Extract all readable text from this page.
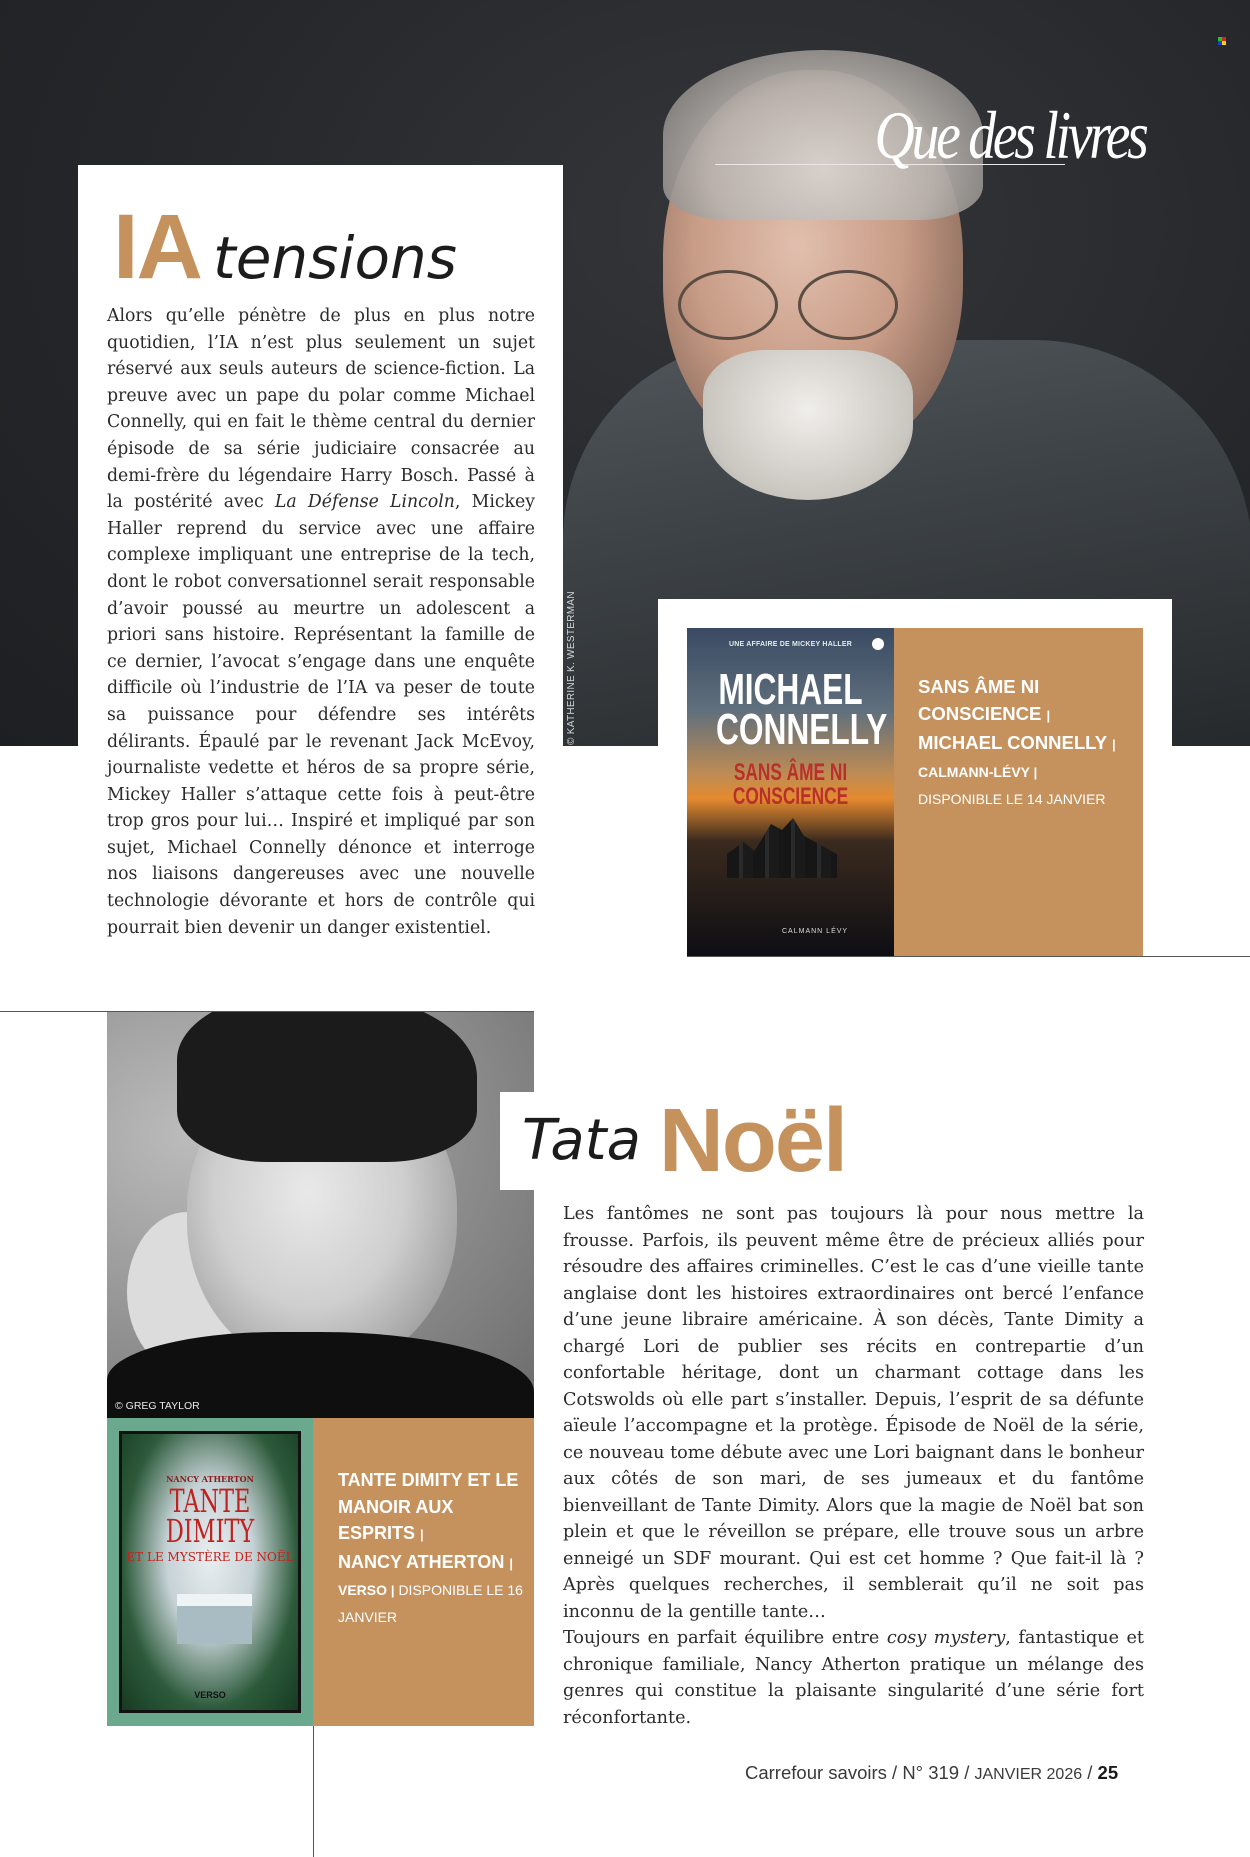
© KATHERINE K. WESTERMAN
Que des livres
IA tensions

Alors qu’elle pénètre de plus en plus notre quotidien, l’IA n’est plus seulement un sujet réservé aux seuls auteurs de science-fiction. La preuve avec un pape du polar comme Michael Connelly, qui en fait le thème central du dernier épisode de sa série judiciaire consacrée au demi-frère du légendaire Harry Bosch. Passé à la postérité avec La Défense Lincoln, Mickey Haller reprend du service avec une affaire complexe impliquant une entreprise de la tech, dont le robot conversationnel serait responsable d’avoir poussé au meurtre un adolescent a priori sans histoire. Représentant la famille de ce dernier, l’avocat s’engage dans une enquête difficile où l’industrie de l’IA va peser de toute sa puissance pour défendre ses intérêts délirants. Épaulé par le revenant Jack McEvoy, journaliste vedette et héros de sa propre série, Mickey Haller s’attaque cette fois à peut-être trop gros pour lui… Inspiré et impliqué par son sujet, Michael Connelly dénonce et interroge nos liaisons dangereuses avec une nouvelle technologie dévorante et hors de contrôle qui pourrait bien devenir un danger existentiel.

UNE AFFAIRE DE MICKEY HALLER
MICHAEL CONNELLY
SANS ÂME NI CONSCIENCE
CALMANN LÉVY
SANS ÂME NI CONSCIENCE |
MICHAEL CONNELLY |
CALMANN-LÉVY |
DISPONIBLE LE 14 JANVIER
© GREG TAYLOR
Tata Noël

Les fantômes ne sont pas toujours là pour nous mettre la frousse. Parfois, ils peuvent même être de précieux alliés pour résoudre des affaires criminelles. C’est le cas d’une vieille tante anglaise dont les histoires extraordinaires ont bercé l’enfance d’une jeune libraire américaine. À son décès, Tante Dimity a chargé Lori de publier ses récits en contrepartie d’un confortable héritage, dont un charmant cottage dans les Cotswolds où elle part s’installer. Depuis, l’esprit de sa défunte aïeule l’accompagne et la protège. Épisode de Noël de la série, ce nouveau tome débute avec une Lori baignant dans le bonheur aux côtés de son mari, de ses jumeaux et du fantôme bienveillant de Tante Dimity. Alors que la magie de Noël bat son plein et que le réveillon se prépare, elle trouve sous un arbre enneigé un SDF mourant. Qui est cet homme ? Que fait-il là ? Après quelques recherches, il semblerait qu’il ne soit pas inconnu de la gentille tante…

Toujours en parfait équilibre entre cosy mystery, fantastique et chronique familiale, Nancy Atherton pratique un mélange des genres qui constitue la plaisante singularité d’une série fort réconfortante.

NANCY ATHERTON
TANTE DIMITY
ET LE MYSTÈRE DE NOËL
VERSO
TANTE DIMITY ET LE MANOIR AUX ESPRITS |
NANCY ATHERTON |
VERSO | DISPONIBLE LE 16 JANVIER
Carrefour savoirs / N° 319 / JANVIER 2026 / 25
